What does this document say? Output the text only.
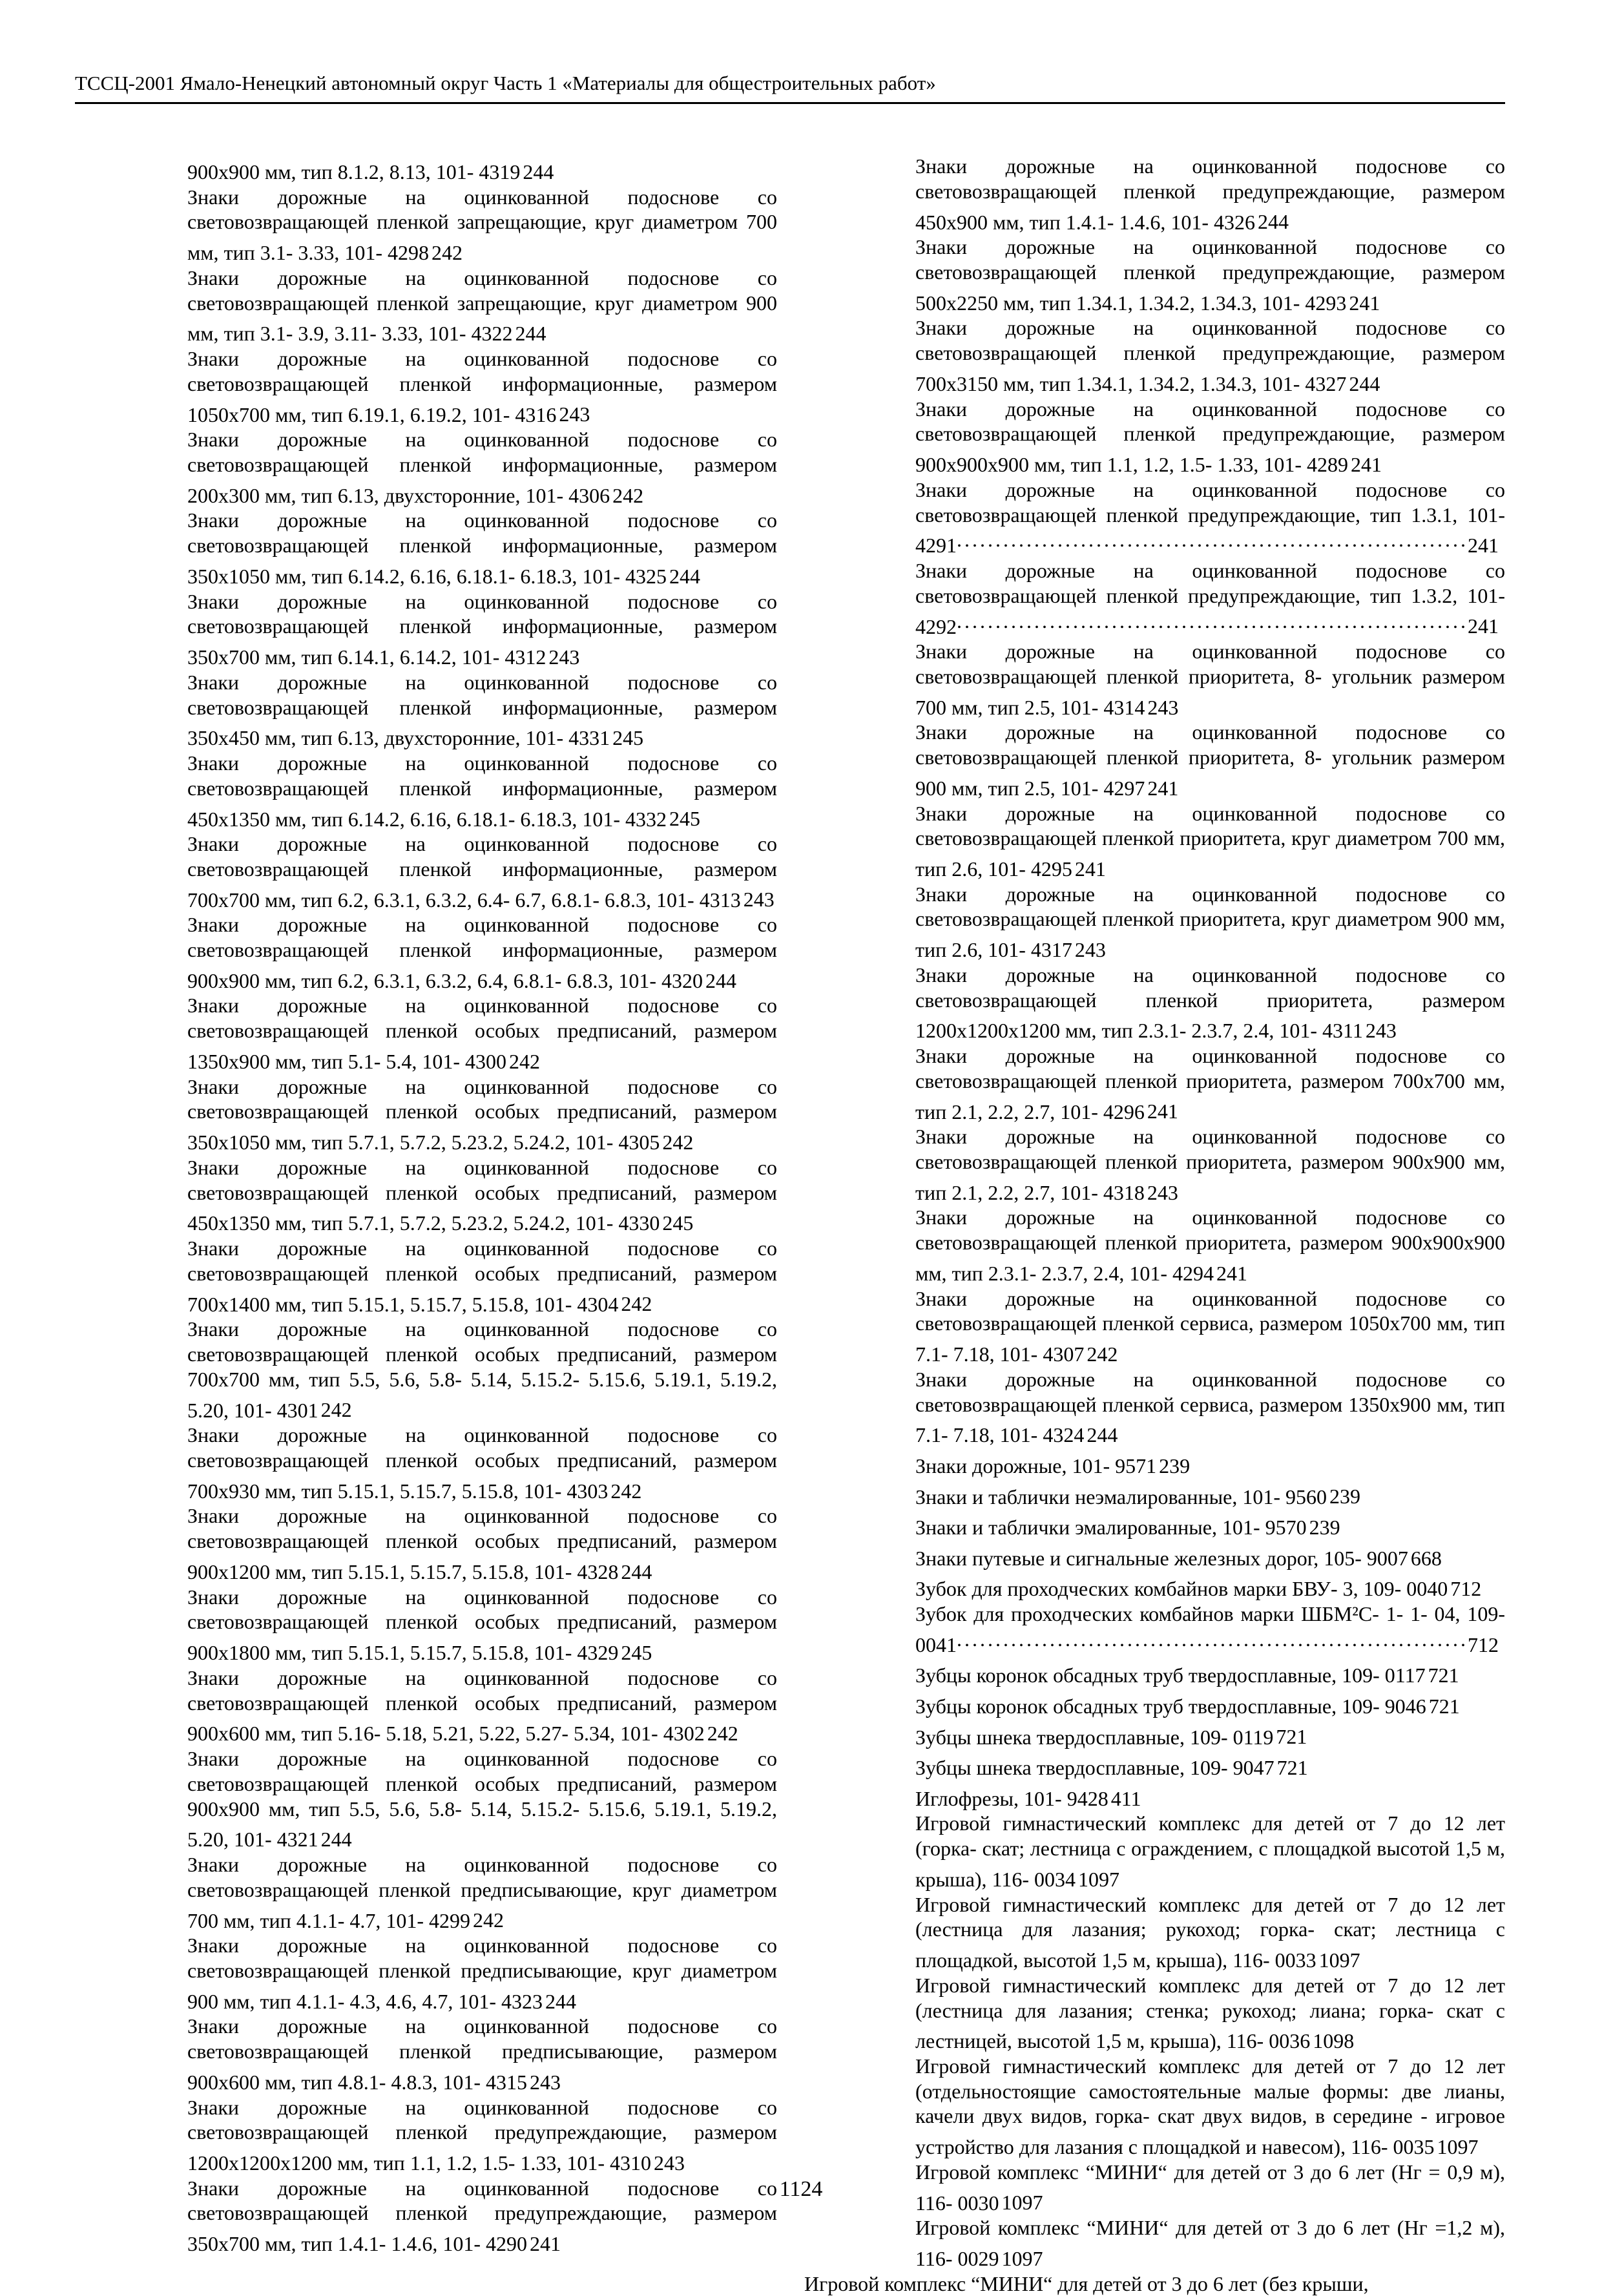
ТССЦ-2001 Ямало-Ненецкий автономный округ Часть 1 «Материалы для общестроительных работ»
900x900 мм, тип 8.1.2, 8.13, 101- 4319 244
Знаки дорожные на оцинкованной подоснове со световозвращающей пленкой запрещающие, круг диаметром 700 мм, тип 3.1- 3.33, 101- 4298 242
Знаки дорожные на оцинкованной подоснове со световозвращающей пленкой запрещающие, круг диаметром 900 мм, тип 3.1- 3.9, 3.11- 3.33, 101- 4322 244
Знаки дорожные на оцинкованной подоснове со световозвращающей пленкой информационные, размером 1050x700 мм, тип 6.19.1, 6.19.2, 101- 4316 243
Знаки дорожные на оцинкованной подоснове со световозвращающей пленкой информационные, размером 200x300 мм, тип 6.13, двухсторонние, 101- 4306 242
Знаки дорожные на оцинкованной подоснове со световозвращающей пленкой информационные, размером 350x1050 мм, тип 6.14.2, 6.16, 6.18.1- 6.18.3, 101- 4325 244
Знаки дорожные на оцинкованной подоснове со световозвращающей пленкой информационные, размером 350x700 мм, тип 6.14.1, 6.14.2, 101- 4312 243
Знаки дорожные на оцинкованной подоснове со световозвращающей пленкой информационные, размером 350x450 мм, тип 6.13, двухсторонние, 101- 4331 245
Знаки дорожные на оцинкованной подоснове со световозвращающей пленкой информационные, размером 450x1350 мм, тип 6.14.2, 6.16, 6.18.1- 6.18.3, 101- 4332 245
Знаки дорожные на оцинкованной подоснове со световозвращающей пленкой информационные, размером 700x700 мм, тип 6.2, 6.3.1, 6.3.2, 6.4- 6.7, 6.8.1- 6.8.3, 101- 4313 243
Знаки дорожные на оцинкованной подоснове со световозвращающей пленкой информационные, размером 900x900 мм, тип 6.2, 6.3.1, 6.3.2, 6.4, 6.8.1- 6.8.3, 101- 4320 244
Знаки дорожные на оцинкованной подоснове со световозвращающей пленкой особых предписаний, размером 1350x900 мм, тип 5.1- 5.4, 101- 4300 242
Знаки дорожные на оцинкованной подоснове со световозвращающей пленкой особых предписаний, размером 350x1050 мм, тип 5.7.1, 5.7.2, 5.23.2, 5.24.2, 101- 4305 242
Знаки дорожные на оцинкованной подоснове со световозвращающей пленкой особых предписаний, размером 450x1350 мм, тип 5.7.1, 5.7.2, 5.23.2, 5.24.2, 101- 4330 245
Знаки дорожные на оцинкованной подоснове со световозвращающей пленкой особых предписаний, размером 700x1400 мм, тип 5.15.1, 5.15.7, 5.15.8, 101- 4304 242
Знаки дорожные на оцинкованной подоснове со световозвращающей пленкой особых предписаний, размером 700x700 мм, тип 5.5, 5.6, 5.8- 5.14, 5.15.2- 5.15.6, 5.19.1, 5.19.2, 5.20, 101- 4301 242
Знаки дорожные на оцинкованной подоснове со световозвращающей пленкой особых предписаний, размером 700x930 мм, тип 5.15.1, 5.15.7, 5.15.8, 101- 4303 242
Знаки дорожные на оцинкованной подоснове со световозвращающей пленкой особых предписаний, размером 900x1200 мм, тип 5.15.1, 5.15.7, 5.15.8, 101- 4328 244
Знаки дорожные на оцинкованной подоснове со световозвращающей пленкой особых предписаний, размером 900x1800 мм, тип 5.15.1, 5.15.7, 5.15.8, 101- 4329 245
Знаки дорожные на оцинкованной подоснове со световозвращающей пленкой особых предписаний, размером 900x600 мм, тип 5.16- 5.18, 5.21, 5.22, 5.27- 5.34, 101- 4302 242
Знаки дорожные на оцинкованной подоснове со световозвращающей пленкой особых предписаний, размером 900x900 мм, тип 5.5, 5.6, 5.8- 5.14, 5.15.2- 5.15.6, 5.19.1, 5.19.2, 5.20, 101- 4321 244
Знаки дорожные на оцинкованной подоснове со световозвращающей пленкой предписывающие, круг диаметром 700 мм, тип 4.1.1- 4.7, 101- 4299 242
Знаки дорожные на оцинкованной подоснове со световозвращающей пленкой предписывающие, круг диаметром 900 мм, тип 4.1.1- 4.3, 4.6, 4.7, 101- 4323 244
Знаки дорожные на оцинкованной подоснове со световозвращающей пленкой предписывающие, размером 900x600 мм, тип 4.8.1- 4.8.3, 101- 4315 243
Знаки дорожные на оцинкованной подоснове со световозвращающей пленкой предупреждающие, размером 1200x1200x1200 мм, тип 1.1, 1.2, 1.5- 1.33, 101- 4310 243
Знаки дорожные на оцинкованной подоснове со световозвращающей пленкой предупреждающие, размером 350x700 мм, тип 1.4.1- 1.4.6, 101- 4290 241
Знаки дорожные на оцинкованной подоснове со световозвращающей пленкой предупреждающие, размером 450x900 мм, тип 1.4.1- 1.4.6, 101- 4326 244
Знаки дорожные на оцинкованной подоснове со световозвращающей пленкой предупреждающие, размером 500x2250 мм, тип 1.34.1, 1.34.2, 1.34.3, 101- 4293 241
Знаки дорожные на оцинкованной подоснове со световозвращающей пленкой предупреждающие, размером 700x3150 мм, тип 1.34.1, 1.34.2, 1.34.3, 101- 4327 244
Знаки дорожные на оцинкованной подоснове со световозвращающей пленкой предупреждающие, размером 900x900x900 мм, тип 1.1, 1.2, 1.5- 1.33, 101- 4289 241
Знаки дорожные на оцинкованной подоснове со световозвращающей пленкой предупреждающие, тип 1.3.1, 101- 4291. . .	241
Знаки дорожные на оцинкованной подоснове со световозвращающей пленкой предупреждающие, тип 1.3.2, 101- 4292. . .	241
Знаки дорожные на оцинкованной подоснове со световозвращающей пленкой приоритета, 8- угольник размером 700 мм, тип 2.5, 101- 4314 243
Знаки дорожные на оцинкованной подоснове со световозвращающей пленкой приоритета, 8- угольник размером 900 мм, тип 2.5, 101- 4297 241
Знаки дорожные на оцинкованной подоснове со световозвращающей пленкой приоритета, круг диаметром 700 мм, тип 2.6, 101- 4295 241
Знаки дорожные на оцинкованной подоснове со световозвращающей пленкой приоритета, круг диаметром 900 мм, тип 2.6, 101- 4317 243
Знаки дорожные на оцинкованной подоснове со световозвращающей пленкой приоритета, размером 1200x1200x1200 мм, тип 2.3.1- 2.3.7, 2.4, 101- 4311 243
Знаки дорожные на оцинкованной подоснове со световозвращающей пленкой приоритета, размером 700x700 мм, тип 2.1, 2.2, 2.7, 101- 4296 241
Знаки дорожные на оцинкованной подоснове со световозвращающей пленкой приоритета, размером 900x900 мм, тип 2.1, 2.2, 2.7, 101- 4318 243
Знаки дорожные на оцинкованной подоснове со световозвращающей пленкой приоритета, размером 900x900x900 мм, тип 2.3.1- 2.3.7, 2.4, 101- 4294 241
Знаки дорожные на оцинкованной подоснове со световозвращающей пленкой сервиса, размером 1050x700 мм, тип 7.1- 7.18, 101- 4307 242
Знаки дорожные на оцинкованной подоснове со световозвращающей пленкой сервиса, размером 1350x900 мм, тип 7.1- 7.18, 101- 4324 244
Знаки дорожные, 101- 9571 239
Знаки и таблички неэмалированные, 101- 9560 239
Знаки и таблички эмалированные, 101- 9570 239
Знаки путевые и сигнальные железных дорог, 105- 9007 668
Зубок для проходческих комбайнов марки БВУ- 3, 109- 0040 712
Зубок для проходческих комбайнов марки ШБМ²С- 1- 1- 04, 109- 0041. . .	712
Зубцы коронок обсадных труб твердосплавные, 109- 0117 721
Зубцы коронок обсадных труб твердосплавные, 109- 9046 721
Зубцы шнека твердосплавные, 109- 0119 721
Зубцы шнека твердосплавные, 109- 9047 721
Иглофрезы, 101- 9428 411
Игровой гимнастический комплекс для детей от 7 до 12 лет (горка- скат; лестница с ограждением, с площадкой высотой 1,5 м, крыша), 116- 0034 1097
Игровой гимнастический комплекс для детей от 7 до 12 лет (лестница для лазания; рукоход; горка- скат; лестница с площадкой, высотой 1,5 м, крыша), 116- 0033 1097
Игровой гимнастический комплекс для детей от 7 до 12 лет (лестница для лазания; стенка; рукоход; лиана; горка- скат с лестницей, высотой 1,5 м, крыша), 116- 0036 1098
Игровой гимнастический комплекс для детей от 7 до 12 лет (отдельностоящие самостоятельные малые формы: две лианы, качели двух видов, горка- скат двух видов, в середине - игровое устройство для лазания с площадкой и навесом), 116- 0035 1097
Игровой комплекс “МИНИ“ для детей от 3 до 6 лет (Нг = 0,9 м), 116- 0030 1097
Игровой комплекс “МИНИ“ для детей от 3 до 6 лет (Нг =1,2 м), 116- 0029 1097
Игровой комплекс “МИНИ“ для детей от 3 до 6 лет (без крыши,
1124
